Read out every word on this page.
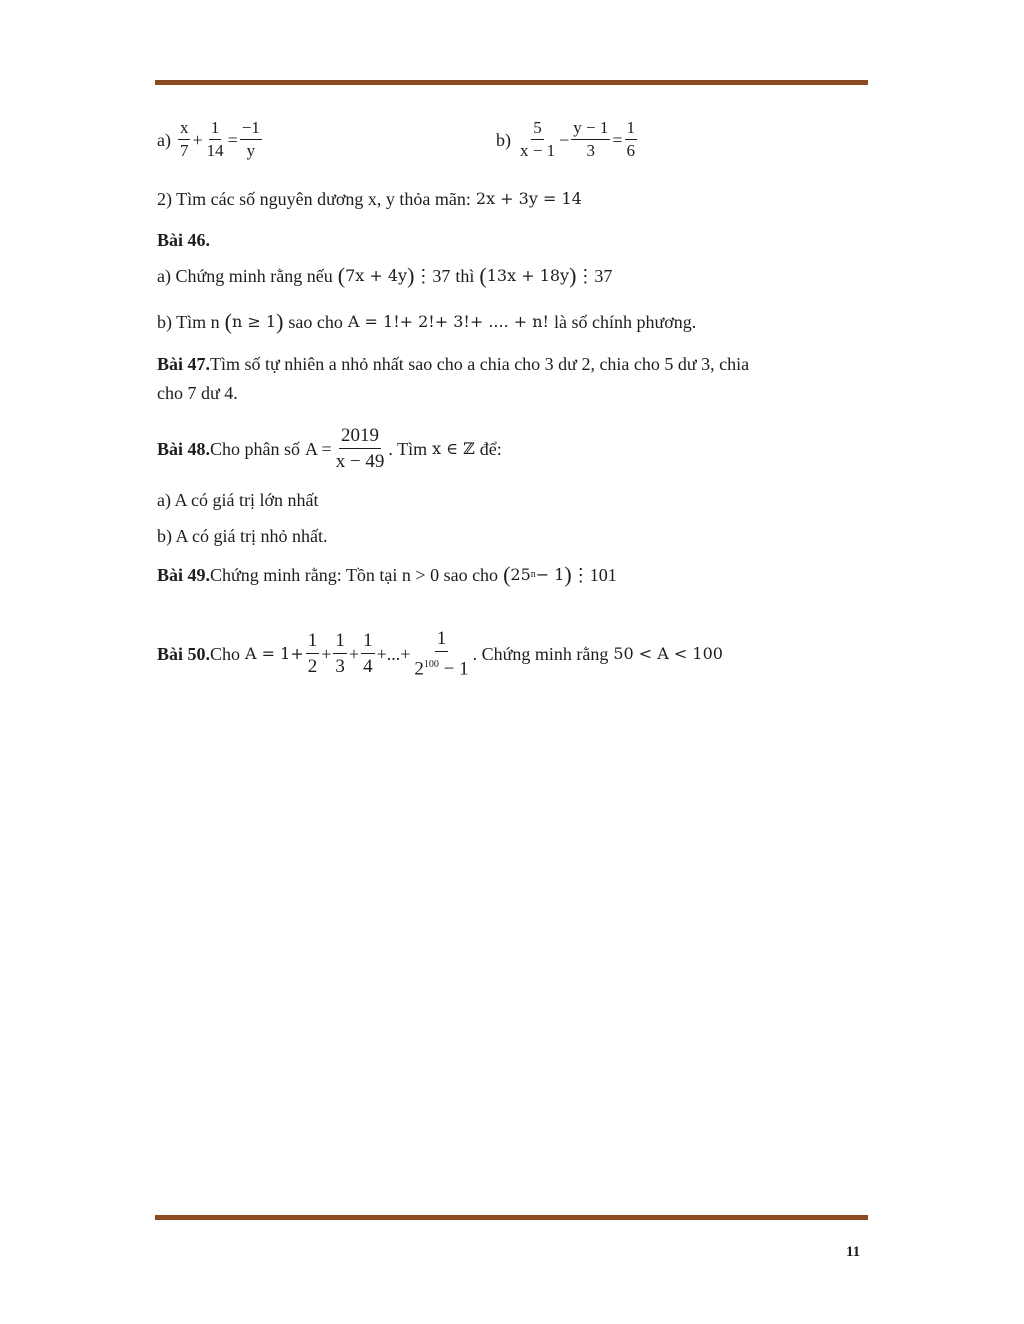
$a) \frac{x}{7} + \frac{1}{14} = \frac{-1}{y}$	$b) \frac{5}{x - 1} - \frac{y - 1}{3} = \frac{1}{6}$
2) Tìm các số nguyên dương x, y thỏa mãn: 2x + 3y = 14
Bài 46.
a) Chứng minh rằng nếu ( 7x + 4y ) ⋮37 thì ( 13x + 18y ) ⋮37
b) Tìm n ( n ≥ 1 ) sao cho A = 1!+ 2!+ 3!+ .... + n! là số chính phương.
Bài 47. Tìm số tự nhiên a nhỏ nhất sao cho a chia cho 3 dư 2, chia cho 5 dư 3, chia
cho 7 dư 4.
Bài 48. Cho phân số $A = \frac{2019}{x - 49}$ . Tìm x ∈ ℤ để:
a) A có giá trị lớn nhất
b) A có giá trị nhỏ nhất.
Bài 49. Chứng minh rằng: Tồn tại n > 0 sao cho ( 25 n − 1 ) ⋮101
Bài 50. Cho $A = 1+ \frac{1}{2} + \frac{1}{3} + \frac{1}{4}$ +...+ $\frac{1}{2^{100} - 1}$ . Chứng minh rằng 50 < A < 100
11
